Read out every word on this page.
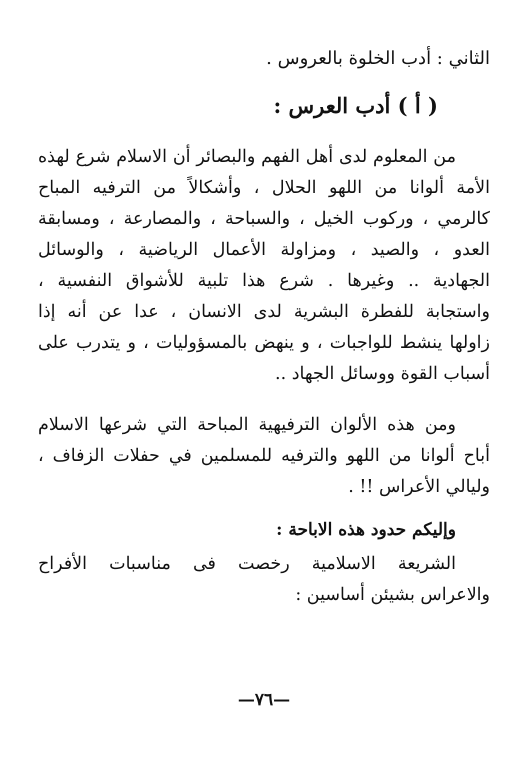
الثاني : أدب الخلوة بالعروس .
( أ ) أدب العرس :
من المعلوم لدى أهل الفهم والبصائر أن الاسلام شرع لهذه
الأمة ألوانا من اللهو الحلال ، وأشكالاً من الترفيه المباح
كالرمي ، وركوب الخيل ، والسباحة ، والمصارعة ، ومسابقة
العدو ، والصيد ، ومزاولة الأعمال الرياضية ، والوسائل
الجهادية .. وغيرها . شرع هذا تلبية للأشواق النفسية ،
واستجابة للفطرة البشرية لدى الانسان ، عدا عن أنه إذا
زاولها ينشط للواجبات ، و ينهض بالمسؤوليات ، و يتدرب على
أسباب القوة ووسائل الجهاد ..
ومن هذه الألوان الترفيهية المباحة التي شرعها الاسلام
أباح ألوانا من اللهو والترفيه للمسلمين في حفلات الزفاف ،
وليالي الأعراس !! .
وإليكم حدود هذه الاباحة :
الشريعة الاسلامية رخصت فى مناسبات الأفراح
والاعراس بشيئن أساسين :
—٧٦—
